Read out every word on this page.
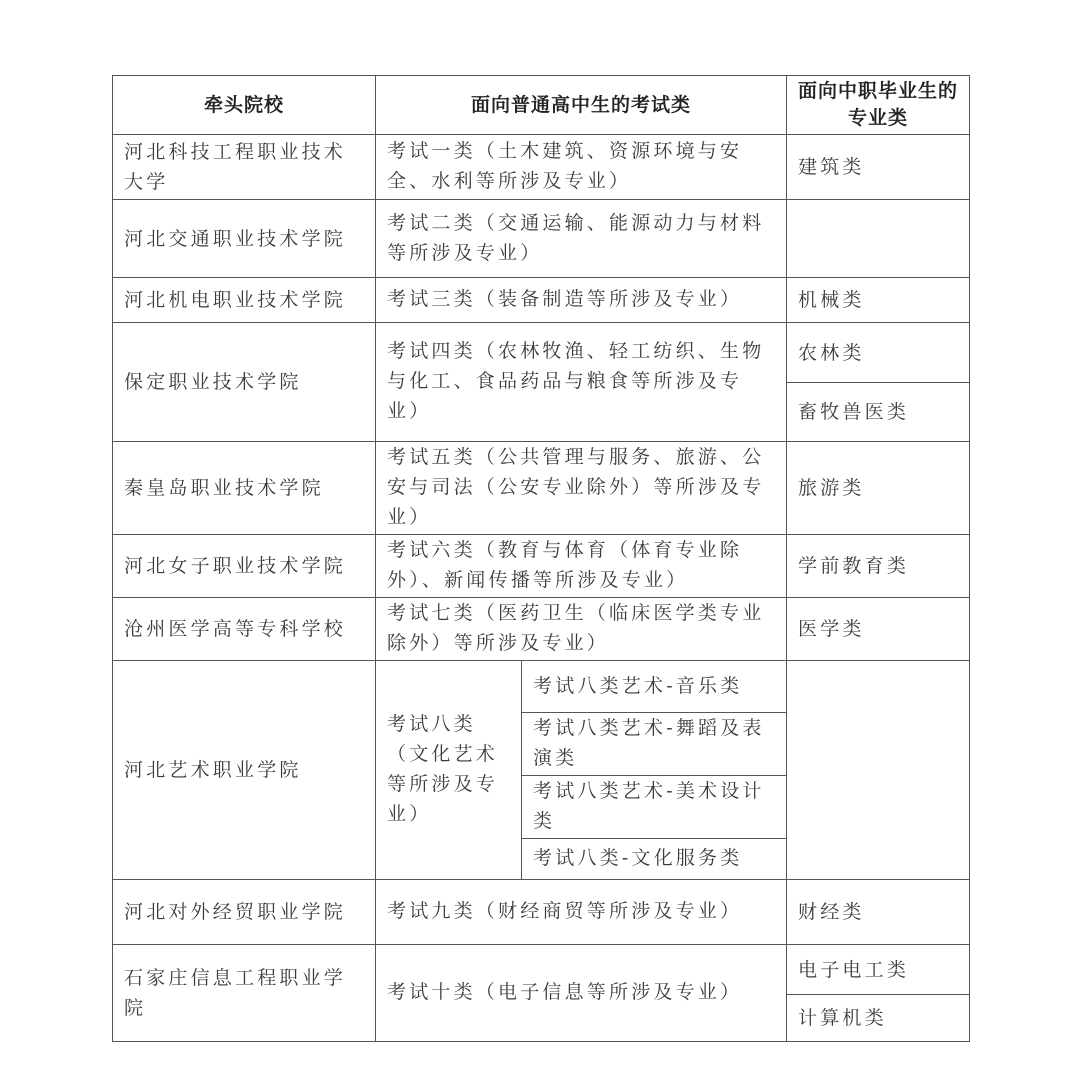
牵头院校	面向普通高中生的考试类		面向中职毕业生的专业类
河北科技工程职业技术大学	考试一类（土木建筑、资源环境与安全、水利等所涉及专业）		建筑类
河北交通职业技术学院	考试二类（交通运输、能源动力与材料等所涉及专业）		
河北机电职业技术学院	考试三类（装备制造等所涉及专业）		机械类
保定职业技术学院	考试四类（农林牧渔、轻工纺织、生物与化工、食品药品与粮食等所涉及专业）		农林类
			畜牧兽医类
秦皇岛职业技术学院	考试五类（公共管理与服务、旅游、公安与司法（公安专业除外）等所涉及专业）		旅游类
河北女子职业技术学院	考试六类（教育与体育（体育专业除外）、新闻传播等所涉及专业）		学前教育类
沧州医学高等专科学校	考试七类（医药卫生（临床医学类专业除外）等所涉及专业）		医学类
河北艺术职业学院	考试八类（文化艺术等所涉及专业）	考试八类艺术-音乐类	
		考试八类艺术-舞蹈及表演类	
		考试八类艺术-美术设计类	
		考试八类-文化服务类	
河北对外经贸职业学院	考试九类（财经商贸等所涉及专业）		财经类
石家庄信息工程职业学院	考试十类（电子信息等所涉及专业）		电子电工类
			计算机类
